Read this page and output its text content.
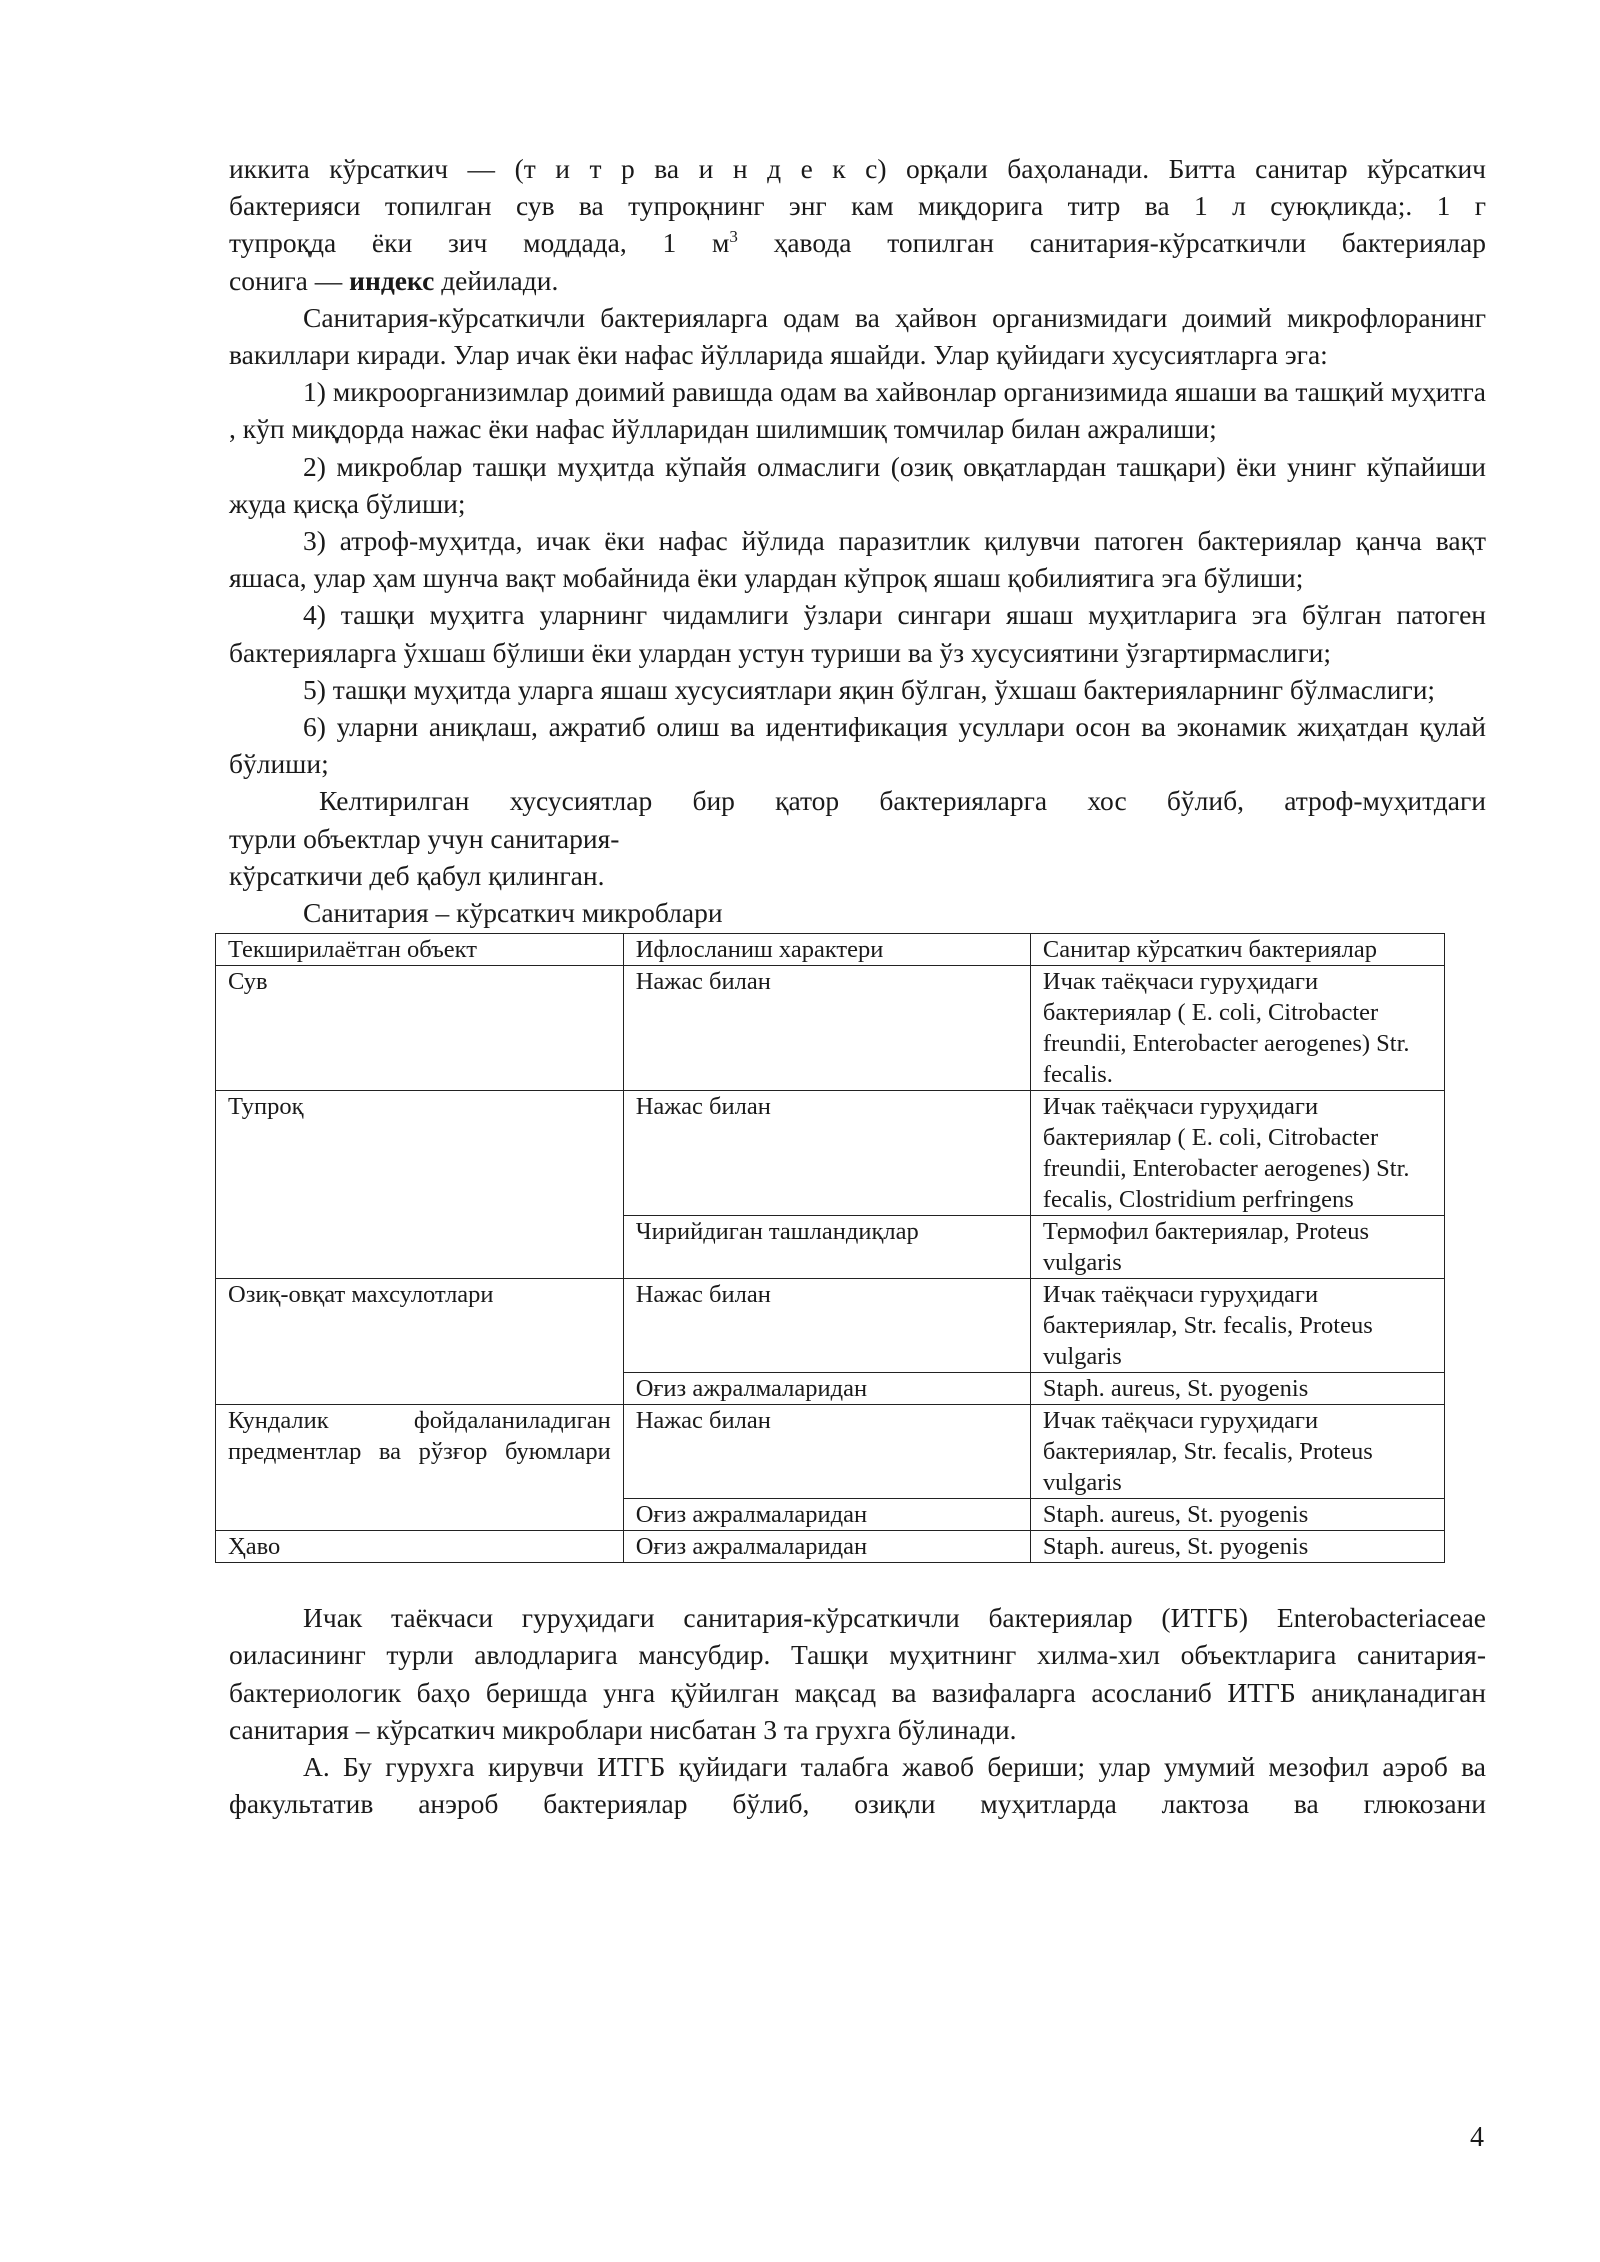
иккита кўрсаткич — (т и т р ва и н д е к с) орқали баҳоланади. Битта санитар кўрсаткич

бактерияси топилган сув ва тупроқнинг энг кам миқдорига титр ва 1 л суюқликда;. 1 г

тупроқда ёки зич моддада, 1 $м^3$ ҳавода топилган санитария-кўрсаткичли бактериялар

сонига — индекс дейилади.

Санитария-кўрсаткичли бактерияларга одам ва ҳайвон организмидаги доимий микрофлоранинг вакиллари киради. Улар ичак ёки нафас йўлларида яшайди. Улар қуйидаги хусусиятларга эга:

1) микроорганизимлар доимий равишда одам ва хайвонлар организимида яшаши ва ташқий муҳитга , кўп миқдорда нажас ёки нафас йўлларидан шилимшиқ томчилар билан ажралиши;

2) микроблар ташқи муҳитда кўпайя олмаслиги (озиқ овқатлардан ташқари) ёки унинг кўпайиши жуда қисқа бўлиши;

3) атроф-муҳитда, ичак ёки нафас йўлида паразитлик қилувчи патоген бактериялар қанча вақт яшаса, улар ҳам шунча вақт мобайнида ёки улардан кўпроқ яшаш қобилиятига эга бўлиши;

4) ташқи муҳитга уларнинг чидамлиги ўзлари сингари яшаш муҳитларига эга бўлган патоген бактерияларга ўхшаш бўлиши ёки улардан устун туриши ва ўз хусусиятини ўзгартирмаслиги;

5) ташқи муҳитда уларга яшаш хусусиятлари яқин бўлган, ўхшаш бактерияларнинг бўлмаслиги;

6) уларни аниқлаш, ажратиб олиш ва идентификация усуллари осон ва эконамик жиҳатдан қулай бўлиши;

Келтирилган хусусиятлар бир қатор бактерияларга хос бўлиб, атроф-муҳитдаги

турли объектлар учун санитария-

кўрсаткичи деб қабул қилинган.

Санитария – кўрсаткич микроблари

Текширилаётган объект	Ифлосланиш характери	Санитар кўрсаткич бактериялар
Сув	Нажас билан	Ичак таёқчаси гуруҳидаги бактериялар ( E. coli, Citrobacter freundii, Enterobacter aerogenes) Str. fecalis.
Тупроқ	Нажас билан	Ичак таёқчаси гуруҳидаги бактериялар ( E. coli, Citrobacter freundii, Enterobacter aerogenes) Str. fecalis, Clostridium perfringens
	Чирийдиган ташландиқлар	Термофил бактериялар, Proteus vulgaris
Озиқ-овқат махсулотлари	Нажас билан	Ичак таёқчаси гуруҳидаги бактериялар, Str. fecalis, Proteus vulgaris
	Оғиз ажралмаларидан	Staph. aureus, St. pyogenis
Кундалик фойдаланиладиган предментлар ва рўзғор буюмлари	Нажас билан	Ичак таёқчаси гуруҳидаги бактериялар, Str. fecalis, Proteus vulgaris
	Оғиз ажралмаларидан	Staph. aureus, St. pyogenis
Ҳаво	Оғиз ажралмаларидан	Staph. aureus, St. pyogenis

Ичак таёкчаси гуруҳидаги санитария-кўрсаткичли бактериялар (ИТГБ) Enterobacteriaceae оиласининг турли авлодларига мансубдир. Ташқи муҳитнинг хилма-хил объектларига санитария-бактериологик баҳо беришда унга қўйилган мақсад ва вазифаларга асосланиб ИТГБ аниқланадиган санитария – кўрсаткич микроблари нисбатан 3 та грухга бўлинади.

А. Бу гурухга кирувчи ИТГБ қуйидаги талабга жавоб бериши; улар умумий мезофил аэроб ва факультатив анэроб бактериялар бўлиб, озиқли муҳитларда лактоза ва глюкозани

4
